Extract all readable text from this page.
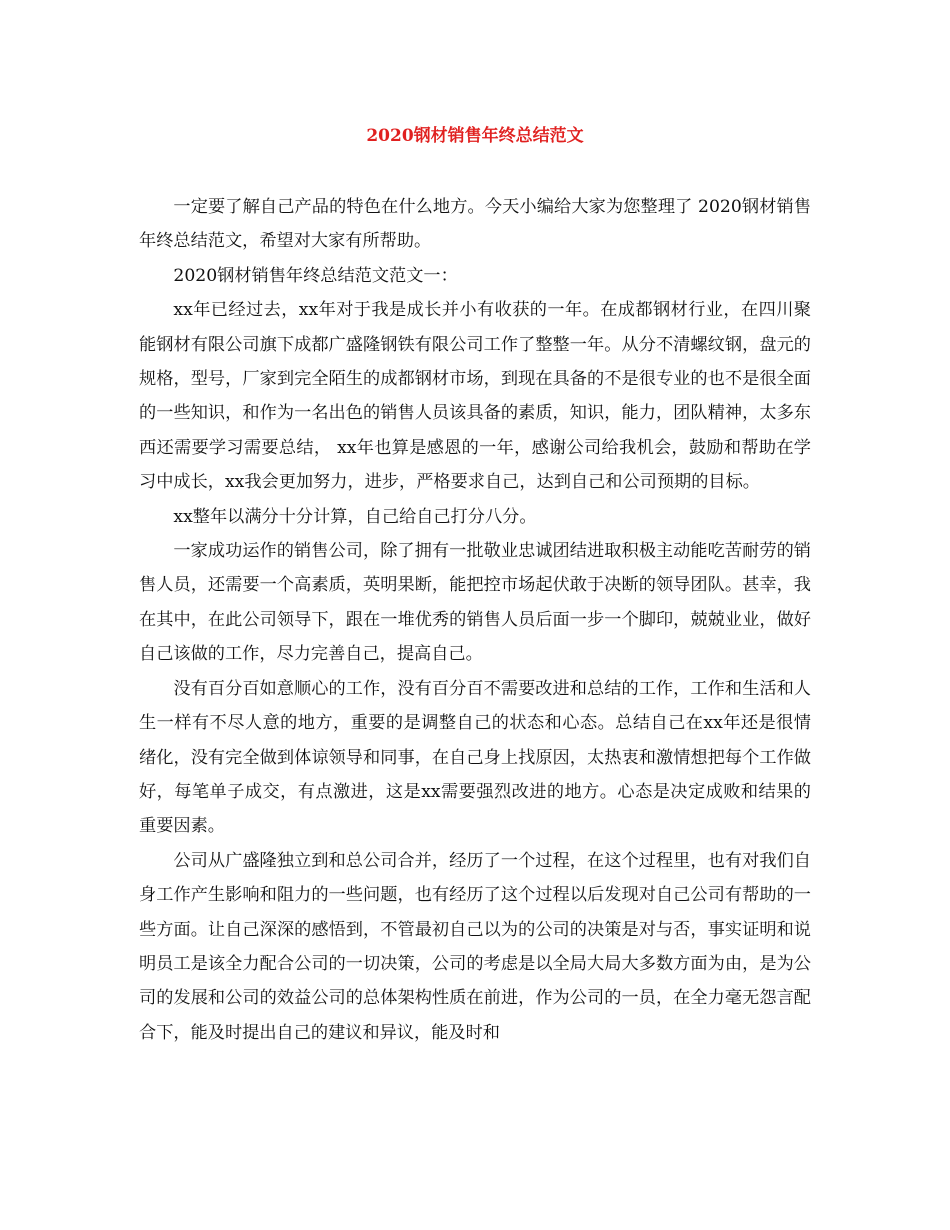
2020钢材销售年终总结范文

一定要了解自己产品的特色在什么地方。今天小编给大家为您整理了 2020钢材销售年终总结范文，希望对大家有所帮助。

2020钢材销售年终总结范文范文一：

xx年已经过去，xx年对于我是成长并小有收获的一年。在成都钢材行业，在四川聚能钢材有限公司旗下成都广盛隆钢铁有限公司工作了整整一年。从分不清螺纹钢，盘元的规格，型号，厂家到完全陌生的成都钢材市场，到现在具备的不是很专业的也不是很全面的一些知识，和作为一名出色的销售人员该具备的素质，知识，能力，团队精神，太多东西还需要学习需要总结， xx年也算是感恩的一年，感谢公司给我机会，鼓励和帮助在学习中成长，xx我会更加努力，进步，严格要求自己，达到自己和公司预期的目标。

xx整年以满分十分计算，自己给自己打分八分。

一家成功运作的销售公司，除了拥有一批敬业忠诚团结进取积极主动能吃苦耐劳的销售人员，还需要一个高素质，英明果断，能把控市场起伏敢于决断的领导团队。甚幸，我在其中，在此公司领导下，跟在一堆优秀的销售人员后面一步一个脚印，兢兢业业，做好自己该做的工作，尽力完善自己，提高自己。

没有百分百如意顺心的工作，没有百分百不需要改进和总结的工作，工作和生活和人生一样有不尽人意的地方，重要的是调整自己的状态和心态。总结自己在xx年还是很情绪化，没有完全做到体谅领导和同事，在自己身上找原因，太热衷和激情想把每个工作做好，每笔单子成交，有点激进，这是xx需要强烈改进的地方。心态是决定成败和结果的重要因素。

公司从广盛隆独立到和总公司合并，经历了一个过程，在这个过程里，也有对我们自身工作产生影响和阻力的一些问题，也有经历了这个过程以后发现对自己公司有帮助的一些方面。让自己深深的感悟到，不管最初自己以为的公司的决策是对与否，事实证明和说明员工是该全力配合公司的一切决策，公司的考虑是以全局大局大多数方面为由，是为公司的发展和公司的效益公司的总体架构性质在前进，作为公司的一员，在全力毫无怨言配合下，能及时提出自己的建议和异议，能及时和
